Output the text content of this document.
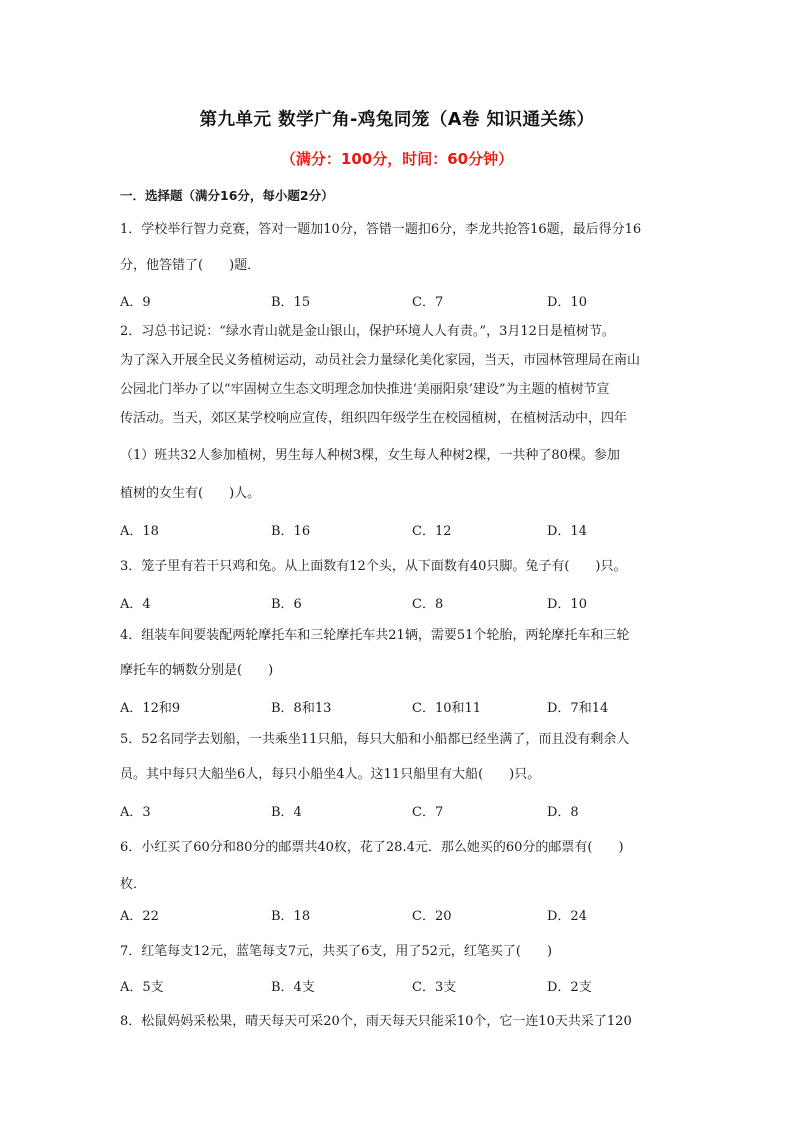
第九单元 数学广角-鸡兔同笼（A卷 知识通关练）
（满分：100分，时间：60分钟）
一．选择题（满分16分，每小题2分）
1．学校举行智力竞赛，答对一题加10分，答错一题扣6分，李龙共抢答16题，最后得分16
分，他答错了(　　)题．
A．9	B．15	C．7	D．10
2．习总书记说：“绿水青山就是金山银山，保护环境人人有责。”，3月12日是植树节。
为了深入开展全民义务植树运动，动员社会力量绿化美化家园，当天，市园林管理局在南山
公园北门举办了以“牢固树立生态文明理念加快推进‘美丽阳泉’建设”为主题的植树节宣
传活动。当天，郊区某学校响应宣传，组织四年级学生在校园植树，在植树活动中，四年
（1）班共32人参加植树，男生每人种树3棵，女生每人种树2棵，一共种了80棵。参加
植树的女生有(　　)人。
A．18	B．16	C．12	D．14
3．笼子里有若干只鸡和兔。从上面数有12个头，从下面数有40只脚。兔子有(　　)只。
A．4	B．6	C．8	D．10
4．组装车间要装配两轮摩托车和三轮摩托车共21辆，需要51个轮胎，两轮摩托车和三轮
摩托车的辆数分别是(　　)
A．12和9	B．8和13	C．10和11	D．7和14
5．52名同学去划船，一共乘坐11只船，每只大船和小船都已经坐满了，而且没有剩余人
员。其中每只大船坐6人，每只小船坐4人。这11只船里有大船(　　)只。
A．3	B．4	C．7	D．8
6．小红买了60分和80分的邮票共40枚，花了28.4元．那么她买的60分的邮票有(　　)
枚．
A．22	B．18	C．20	D．24
7．红笔每支12元，蓝笔每支7元，共买了6支，用了52元，红笔买了(　　)
A．5支	B．4支	C．3支	D．2支
8．松鼠妈妈采松果，晴天每天可采20个，雨天每天只能采10个，它一连10天共采了120
